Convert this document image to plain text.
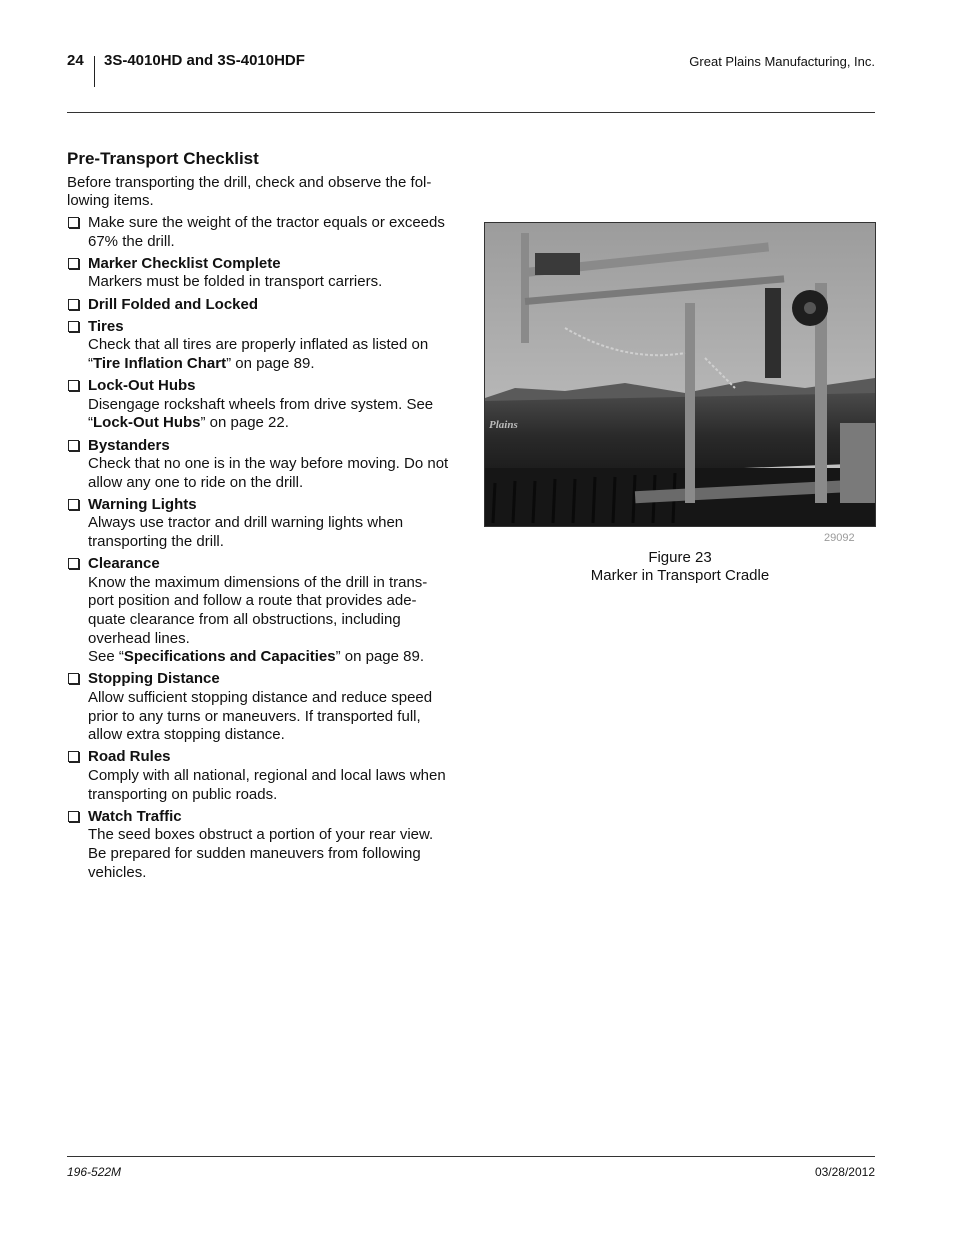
24 3S-4010HD and 3S-4010HDF	Great Plains Manufacturing, Inc.
Pre-Transport Checklist
Before transporting the drill, check and observe the fol-lowing items.
Make sure the weight of the tractor equals or exceeds 67% the drill.
Marker Checklist Complete
Markers must be folded in transport carriers.
Drill Folded and Locked
Tires
Check that all tires are properly inflated as listed on “Tire Inflation Chart” on page 89.
Lock-Out Hubs
Disengage rockshaft wheels from drive system. See “Lock-Out Hubs” on page 22.
Bystanders
Check that no one is in the way before moving. Do not allow any one to ride on the drill.
Warning Lights
Always use tractor and drill warning lights when transporting the drill.
Clearance
Know the maximum dimensions of the drill in trans-port position and follow a route that provides ade-quate clearance from all obstructions, including overhead lines.
See “Specifications and Capacities” on page 89.
Stopping Distance
Allow sufficient stopping distance and reduce speed prior to any turns or maneuvers. If transported full, allow extra stopping distance.
Road Rules
Comply with all national, regional and local laws when transporting on public roads.
Watch Traffic
The seed boxes obstruct a portion of your rear view. Be prepared for sudden maneuvers from following vehicles.
Plains
29092
Figure 23
Marker in Transport Cradle
196-522M	03/28/2012
